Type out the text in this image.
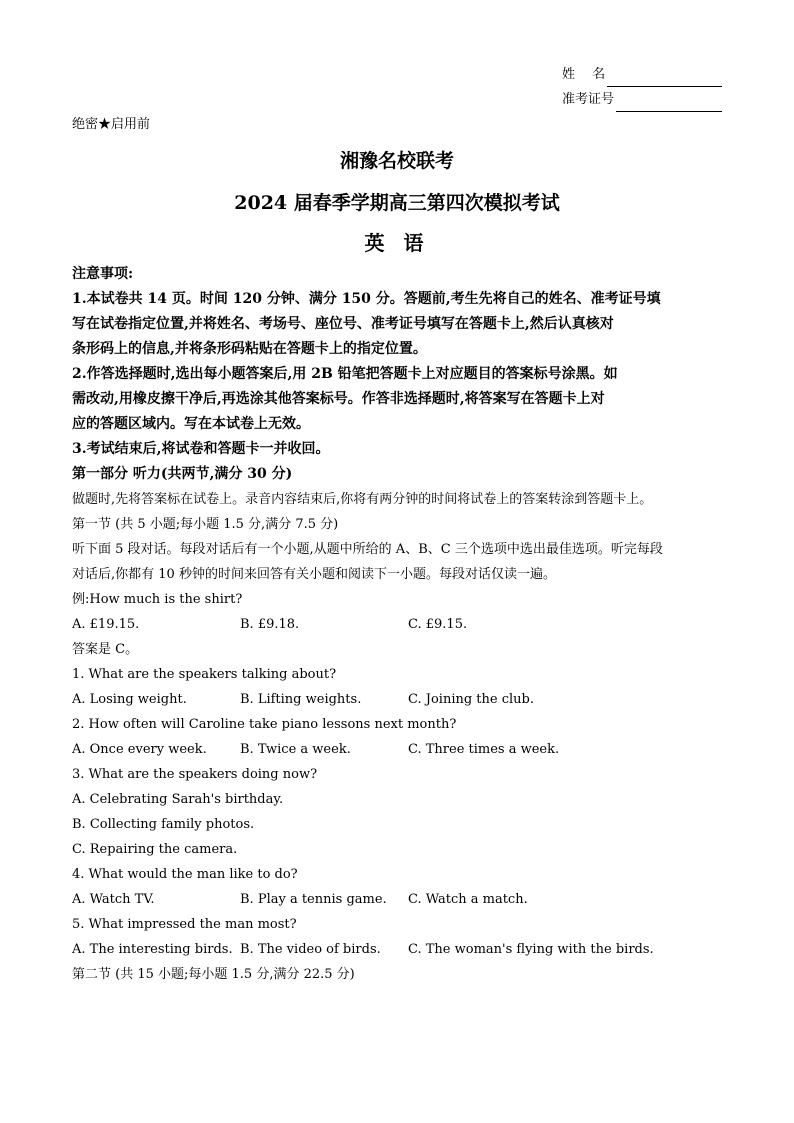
姓　 名
准考证号
绝密★启用前
湘豫名校联考
2024 届春季学期高三第四次模拟考试
英 语
注意事项:
1.本试卷共 14 页。时间 120 分钟、满分 150 分。答题前,考生先将自己的姓名、准考证号填
写在试卷指定位置,并将姓名、考场号、座位号、准考证号填写在答题卡上,然后认真核对
条形码上的信息,并将条形码粘贴在答题卡上的指定位置。
2.作答选择题时,选出每小题答案后,用 2B 铅笔把答题卡上对应题目的答案标号涂黑。如
需改动,用橡皮擦干净后,再选涂其他答案标号。作答非选择题时,将答案写在答题卡上对
应的答题区域内。写在本试卷上无效。
3.考试结束后,将试卷和答题卡一并收回。
第一部分 听力(共两节,满分 30 分)
做题时,先将答案标在试卷上。录音内容结束后,你将有两分钟的时间将试卷上的答案转涂到答题卡上。
第一节 (共 5 小题;每小题 1.5 分,满分 7.5 分)
听下面 5 段对话。每段对话后有一个小题,从题中所给的 A、B、C 三个选项中选出最佳选项。听完每段
对话后,你都有 10 秒钟的时间来回答有关小题和阅读下一小题。每段对话仅读一遍。
例:How much is the shirt?
A. £19.15.	B. £9.18.	C. £9.15.
答案是 C。
1. What are the speakers talking about?
A. Losing weight.	B. Lifting weights.	C. Joining the club.
2. How often will Caroline take piano lessons next month?
A. Once every week.	B. Twice a week.	C. Three times a week.
3. What are the speakers doing now?
A. Celebrating Sarah's birthday.
B. Collecting family photos.
C. Repairing the camera.
4. What would the man like to do?
A. Watch TV.	B. Play a tennis game.	C. Watch a match.
5. What impressed the man most?
A. The interesting birds. B. The video of birds.	C. The woman's flying with the birds.
第二节 (共 15 小题;每小题 1.5 分,满分 22.5 分)
